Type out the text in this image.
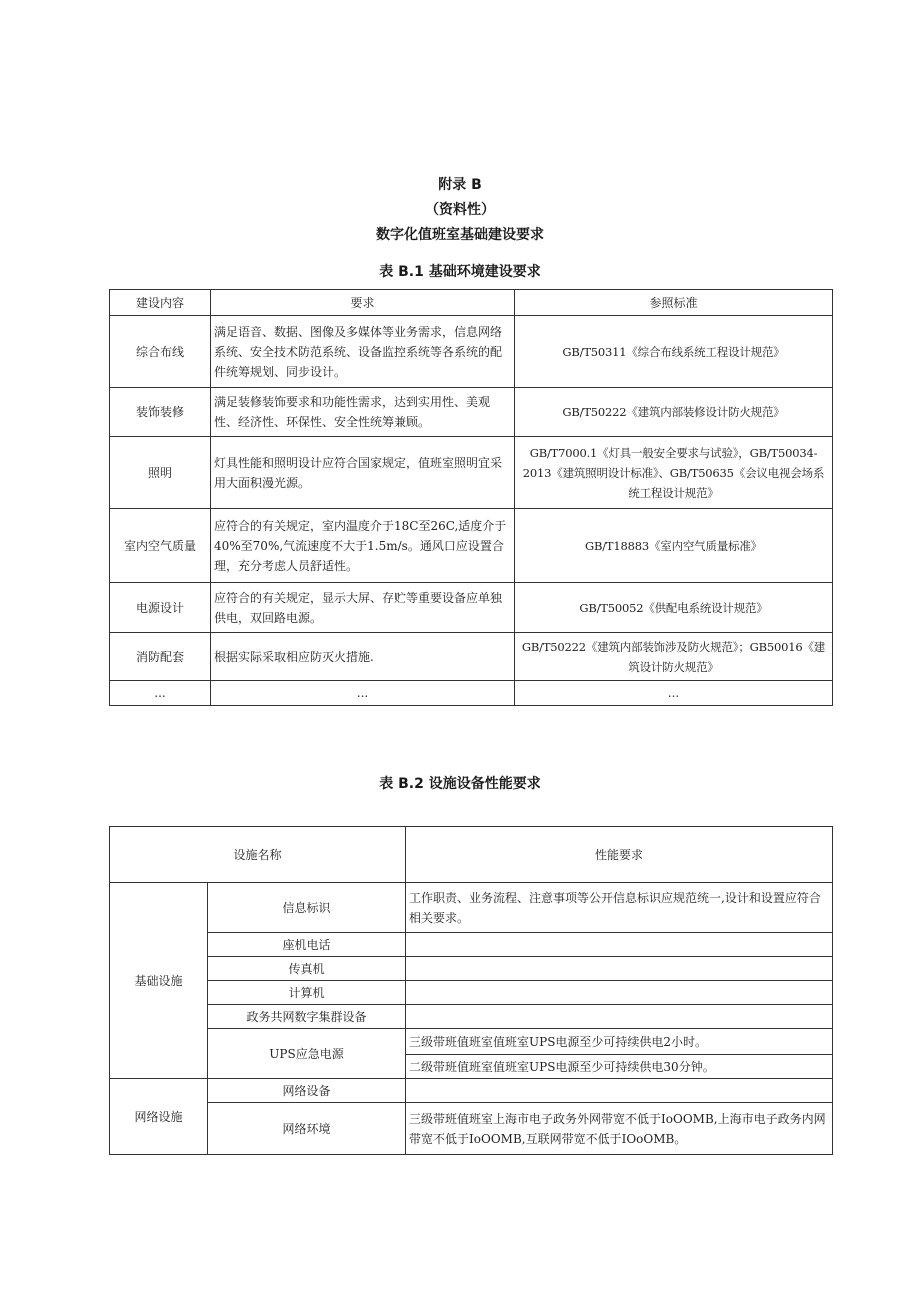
附录 B
（资料性）
数字化值班室基础建设要求
表 B.1 基础环境建设要求
建设内容	要求	参照标准
综合布线	满足语音、数据、图像及多媒体等业务需求，信息网络系统、安全技术防范系统、设备监控系统等各系统的配件统筹规划、同步设计。	GB/T50311《综合布线系统工程设计规范》
装饰装修	满足装修装饰要求和功能性需求，达到实用性、美观性、经济性、环保性、安全性统筹兼顾。	GB/T50222《建筑内部装修设计防火规范》
照明	灯具性能和照明设计应符合国家规定，值班室照明宜采用大面积漫光源。	GB/T7000.1《灯具一般安全要求与试验》，GB/T50034-2013《建筑照明设计标准》、GB/T50635《会议电视会场系统工程设计规范》
室内空气质量	应符合的有关规定，室内温度介于18C至26C,适度介于40%至70%,气流速度不大于1.5m/s。通风口应设置合理，充分考虑人员舒适性。	GB/T18883《室内空气质量标准》
电源设计	应符合的有关规定，显示大屏、存贮等重要设备应单独供电，双回路电源。	GB/T50052《供配电系统设计规范》
消防配套	根据实际采取相应防灭火措施.	GB/T50222《建筑内部装饰涉及防火规范》；GB50016《建筑设计防火规范》
...	...	...
表 B.2 设施设备性能要求
设施名称		性能要求
基础设施	信息标识	工作职责、业务流程、注意事项等公开信息标识应规范统一,设计和设置应符合相关要求。
	座机电话	
	传真机	
	计算机	
	政务共网数字集群设备	
	UPS应急电源	三级带班值班室值班室UPS电源至少可持续供电2小时。
		二级带班值班室值班室UPS电源至少可持续供电30分钟。
网络设施	网络设备	
	网络环境	三级带班值班室上海市电子政务外网带宽不低于IoOOMB,上海市电子政务内网带宽不低于IoOOMB,互联网带宽不低于IOoOMB。
